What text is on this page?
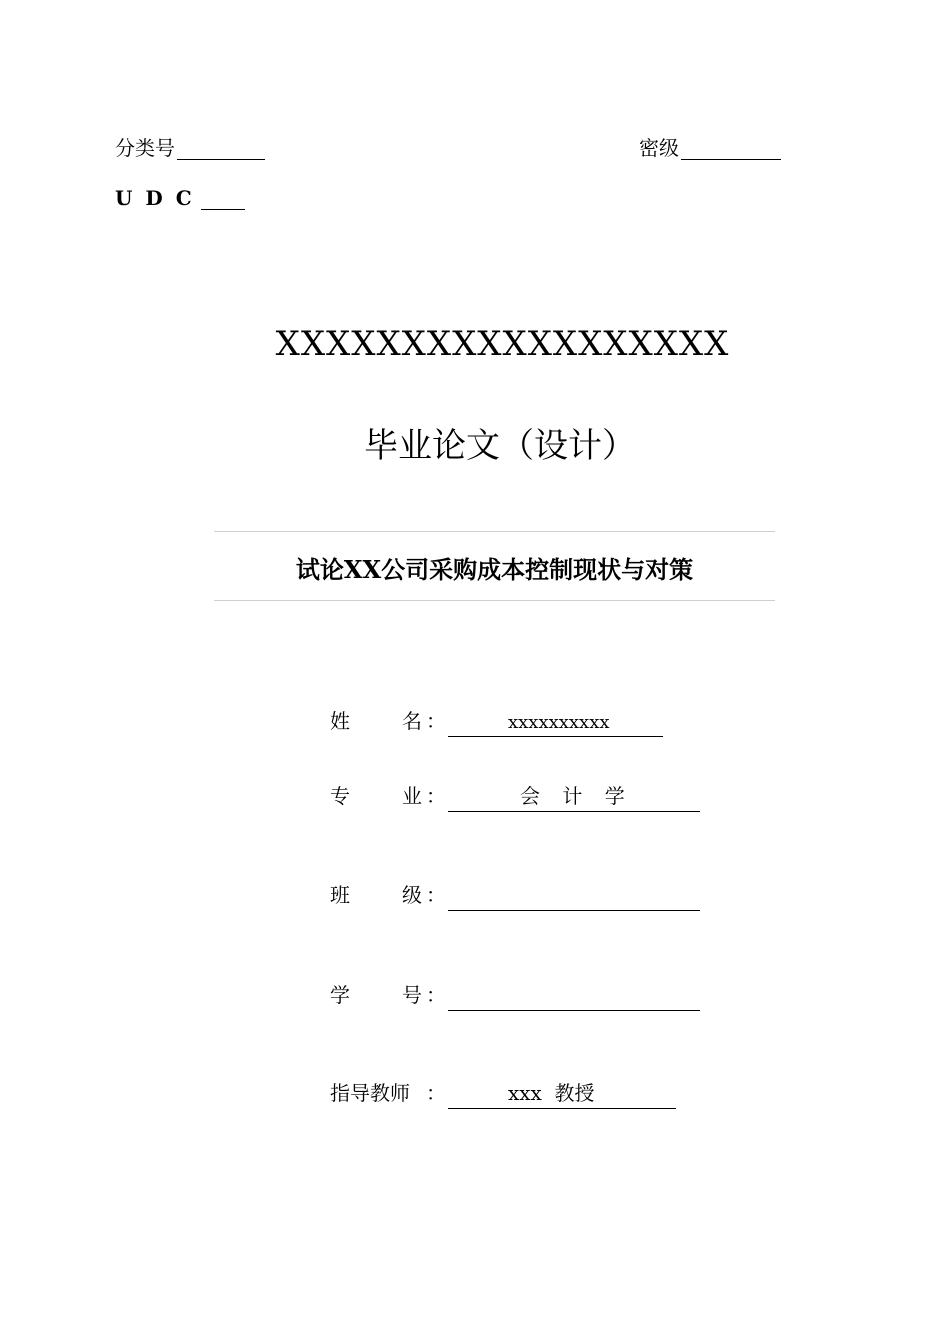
分类号	密级
U D C
XXXXXXXXXXXXXXXXXX
毕业论文（设计）
试论XX公司采购成本控制现状与对策
姓	名 ：	xxxxxxxxxx
专	业 ：	会 计 学
班	级 ：
学	号 ：
指导教师 ：	xxx  教授
